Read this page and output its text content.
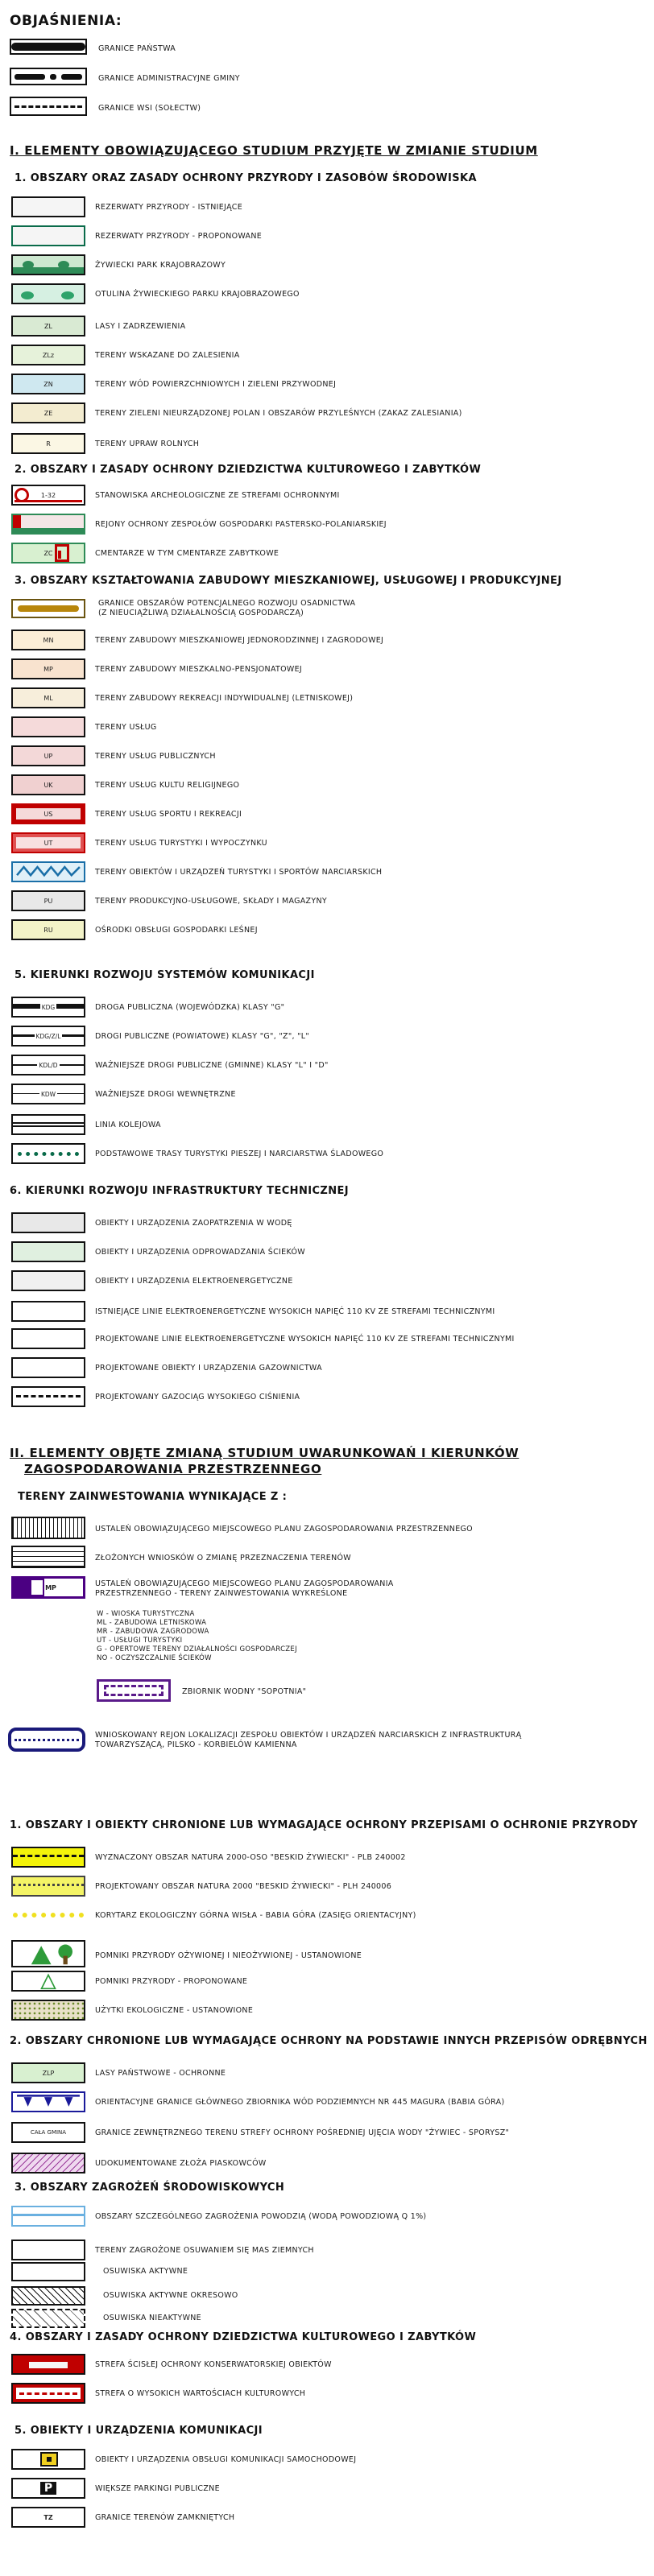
OBJAŚNIENIA:
GRANICE PAŃSTWA
GRANICE ADMINISTRACYJNE GMINY
GRANICE WSI (SOŁECTW)
I. ELEMENTY OBOWIĄZUJĄCEGO STUDIUM PRZYJĘTE W ZMIANIE STUDIUM
1. OBSZARY ORAZ ZASADY OCHRONY PRZYRODY I ZASOBÓW ŚRODOWISKA
REZERWATY PRZYRODY - ISTNIEJĄCE
REZERWATY PRZYRODY - PROPONOWANE
ŻYWIECKI PARK KRAJOBRAZOWY
OTULINA ŻYWIECKIEGO PARKU KRAJOBRAZOWEGO
ZL	LASY I ZADRZEWIENIA
ZLz	TERENY WSKAZANE DO ZALESIENIA
ZN	TERENY WÓD POWIERZCHNIOWYCH I ZIELENI PRZYWODNEJ
ZE	TERENY ZIELENI NIEURZĄDZONEJ POLAN I OBSZARÓW PRZYLEŚNYCH (ZAKAZ ZALESIANIA)
R	TERENY UPRAW ROLNYCH
2. OBSZARY I ZASADY OCHRONY DZIEDZICTWA KULTUROWEGO I ZABYTKÓW
1-32	STANOWISKA ARCHEOLOGICZNE ZE STREFAMI OCHRONNYMI
REJONY OCHRONY ZESPOŁÓW GOSPODARKI PASTERSKO-POLANIARSKIEJ
ZC	CMENTARZE W TYM CMENTARZE ZABYTKOWE
3. OBSZARY KSZTAŁTOWANIA ZABUDOWY MIESZKANIOWEJ, USŁUGOWEJ I PRODUKCYJNEJ
GRANICE OBSZARÓW POTENCJALNEGO ROZWOJU OSADNICTWA
(Z NIEUCIĄŻLIWĄ DZIAŁALNOŚCIĄ GOSPODARCZĄ)
MN	TERENY ZABUDOWY MIESZKANIOWEJ JEDNORODZINNEJ I ZAGRODOWEJ
MP	TERENY ZABUDOWY MIESZKALNO-PENSJONATOWEJ
ML	TERENY ZABUDOWY REKREACJI INDYWIDUALNEJ (LETNISKOWEJ)
TERENY USŁUG
UP	TERENY USŁUG PUBLICZNYCH
UK	TERENY USŁUG KULTU RELIGIJNEGO
US	TERENY USŁUG SPORTU I REKREACJI
UT	TERENY USŁUG TURYSTYKI I WYPOCZYNKU
TERENY OBIEKTÓW I URZĄDZEŃ TURYSTYKI I SPORTÓW NARCIARSKICH
PU	TERENY PRODUKCYJNO-USŁUGOWE, SKŁADY I MAGAZYNY
RU	OŚRODKI OBSŁUGI GOSPODARKI LEŚNEJ
5. KIERUNKI ROZWOJU SYSTEMÓW KOMUNIKACJI
KDG	DROGA PUBLICZNA (WOJEWÓDZKA) KLASY "G"
KDG/Z/L	DROGI PUBLICZNE (POWIATOWE) KLASY "G", "Z", "L"
KDL/D	WAŻNIEJSZE DROGI PUBLICZNE (GMINNE) KLASY "L" I "D"
KDW	WAŻNIEJSZE DROGI WEWNĘTRZNE
LINIA KOLEJOWA
PODSTAWOWE TRASY TURYSTYKI PIESZEJ I NARCIARSTWA ŚLADOWEGO
6. KIERUNKI ROZWOJU INFRASTRUKTURY TECHNICZNEJ
OBIEKTY I URZĄDZENIA ZAOPATRZENIA W WODĘ
OBIEKTY I URZĄDZENIA ODPROWADZANIA ŚCIEKÓW
OBIEKTY I URZĄDZENIA ELEKTROENERGETYCZNE
ISTNIEJĄCE LINIE ELEKTROENERGETYCZNE WYSOKICH NAPIĘĆ 110 KV ZE STREFAMI TECHNICZNYMI
PROJEKTOWANE LINIE ELEKTROENERGETYCZNE WYSOKICH NAPIĘĆ 110 KV ZE STREFAMI TECHNICZNYMI
PROJEKTOWANE OBIEKTY I URZĄDZENIA GAZOWNICTWA
PROJEKTOWANY GAZOCIĄG WYSOKIEGO CIŚNIENIA
II. ELEMENTY OBJĘTE ZMIANĄ STUDIUM UWARUNKOWAŃ I KIERUNKÓW
ZAGOSPODAROWANIA PRZESTRZENNEGO
TERENY ZAINWESTOWANIA WYNIKAJĄCE Z :
USTALEŃ OBOWIĄZUJĄCEGO MIEJSCOWEGO PLANU ZAGOSPODAROWANIA PRZESTRZENNEGO
ZŁOŻONYCH WNIOSKÓW O ZMIANĘ PRZEZNACZENIA TERENÓW
MP	USTALEŃ OBOWIĄZUJĄCEGO MIEJSCOWEGO PLANU ZAGOSPODAROWANIA
PRZESTRZENNEGO - TERENY ZAINWESTOWANIA WYKREŚLONE
W - WIOSKA TURYSTYCZNA
ML - ZABUDOWA LETNISKOWA
MR - ZABUDOWA ZAGRODOWA
UT - USŁUGI TURYSTYKI
G - OPERTOWE TERENY DZIAŁALNOŚCI GOSPODARCZEJ
NO - OCZYSZCZALNIE ŚCIEKÓW
ZBIORNIK WODNY "SOPOTNIA"
WNIOSKOWANY REJON LOKALIZACJI ZESPOŁU OBIEKTÓW I URZĄDZEŃ NARCIARSKICH Z INFRASTRUKTURĄ
TOWARZYSZĄCĄ, PILSKO - KORBIELÓW KAMIENNA
1. OBSZARY I OBIEKTY CHRONIONE LUB WYMAGAJĄCE OCHRONY PRZEPISAMI O OCHRONIE PRZYRODY
WYZNACZONY OBSZAR NATURA 2000-OSO "BESKID ŻYWIECKI" - PLB 240002
PROJEKTOWANY OBSZAR NATURA 2000 "BESKID ŻYWIECKI" - PLH 240006
KORYTARZ EKOLOGICZNY GÓRNA WISŁA - BABIA GÓRA (ZASIĘG ORIENTACYJNY)
POMNIKI PRZYRODY OŻYWIONEJ I NIEOŻYWIONEJ - USTANOWIONE
POMNIKI PRZYRODY - PROPONOWANE
UŻYTKI EKOLOGICZNE - USTANOWIONE
2. OBSZARY CHRONIONE LUB WYMAGAJĄCE OCHRONY NA PODSTAWIE INNYCH PRZEPISÓW ODRĘBNYCH
ZLP	LASY PAŃSTWOWE - OCHRONNE
ORIENTACYJNE GRANICE GŁÓWNEGO ZBIORNIKA WÓD PODZIEMNYCH NR 445 MAGURA (BABIA GÓRA)
CAŁA GMINA	GRANICE ZEWNĘTRZNEGO TERENU STREFY OCHRONY POŚREDNIEJ UJĘCIA WODY "ŻYWIEC - SPORYSZ"
UDOKUMENTOWANE ZŁOŻA PIASKOWCÓW
3. OBSZARY ZAGROŻEŃ ŚRODOWISKOWYCH
OBSZARY SZCZEGÓLNEGO ZAGROŻENIA POWODZIĄ (WODĄ POWODZIOWĄ Q 1%)
TERENY ZAGROŻONE OSUWANIEM SIĘ MAS ZIEMNYCH
OSUWISKA AKTYWNE
OSUWISKA AKTYWNE OKRESOWO
OSUWISKA NIEAKTYWNE
4. OBSZARY I ZASADY OCHRONY DZIEDZICTWA KULTUROWEGO I ZABYTKÓW
STREFA ŚCISŁEJ OCHRONY KONSERWATORSKIEJ OBIEKTÓW
STREFA O WYSOKICH WARTOŚCIACH KULTUROWYCH
5. OBIEKTY I URZĄDZENIA KOMUNIKACJI
OBIEKTY I URZĄDZENIA OBSŁUGI KOMUNIKACJI SAMOCHODOWEJ
P	WIĘKSZE PARKINGI PUBLICZNE
TZ	GRANICE TERENÓW ZAMKNIĘTYCH
